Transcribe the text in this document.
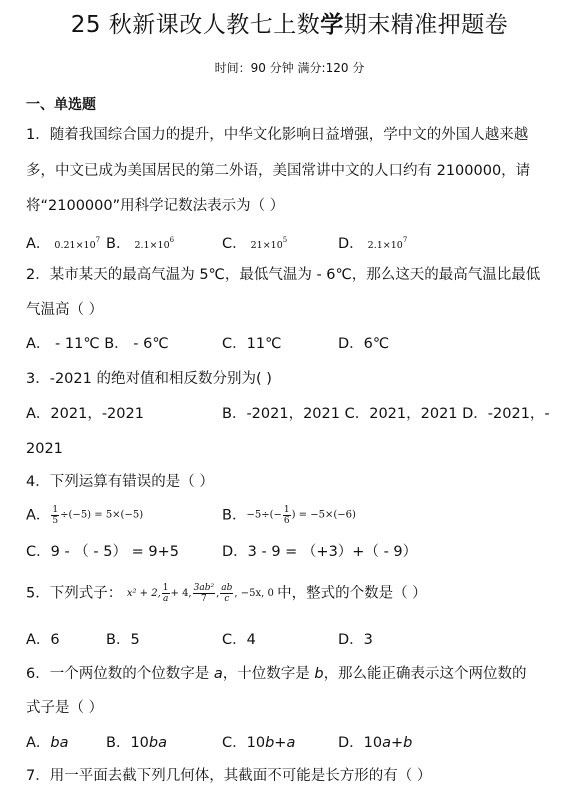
25 秋新课改人教七上数学期末精准押题卷
时间：90 分钟 满分:120 分
一、单选题
1．随着我国综合国力的提升，中华文化影响日益增强，学中文的外国人越来越
多，中文已成为美国居民的第二外语，美国常讲中文的人口约有 2100000，请
将“2100000”用科学记数法表示为（ ）
A． $0.21\times 10^7$ B． $2.1\times 10^6$	C． $21\times 10^5$	D． $2.1\times 10^7$
2．某市某天的最高气温为 5℃，最低气温为 - 6℃，那么这天的最高气温比最低
气温高（ ）
A． - 11℃ B． - 6℃	C．11℃	D．6℃
3．-2021 的绝对值和相反数分别为( )
A．2021，-2021	B．-2021，2021 C．2021，2021 D．-2021，-
2021
4．下列运算有错误的是（ ）
A． $\frac{1}{5} \div(-5) = 5\times(-5)$	B．$-5\div(- \frac{1}{6}$ ) = −5×(−6)
C．9 - （ - 5） = 9+5	D．3 - 9 = （+3）+（ - 9）
5．下列式子： x² + 2, $\frac{1}{a} + 4$, $\frac{\text{3ab²}}{7}$ , $\frac{ab}{c}$ , −5x, 0 中，整式的个数是（ ）
A．6	B．5	C．4	D．3
6．一个两位数的个位数字是 a，十位数字是 b，那么能正确表示这个两位数的
式子是（ ）
A．ba	B．10ba	C．10b+a	D．10a+b
7．用一平面去截下列几何体，其截面不可能是长方形的有（ ）
